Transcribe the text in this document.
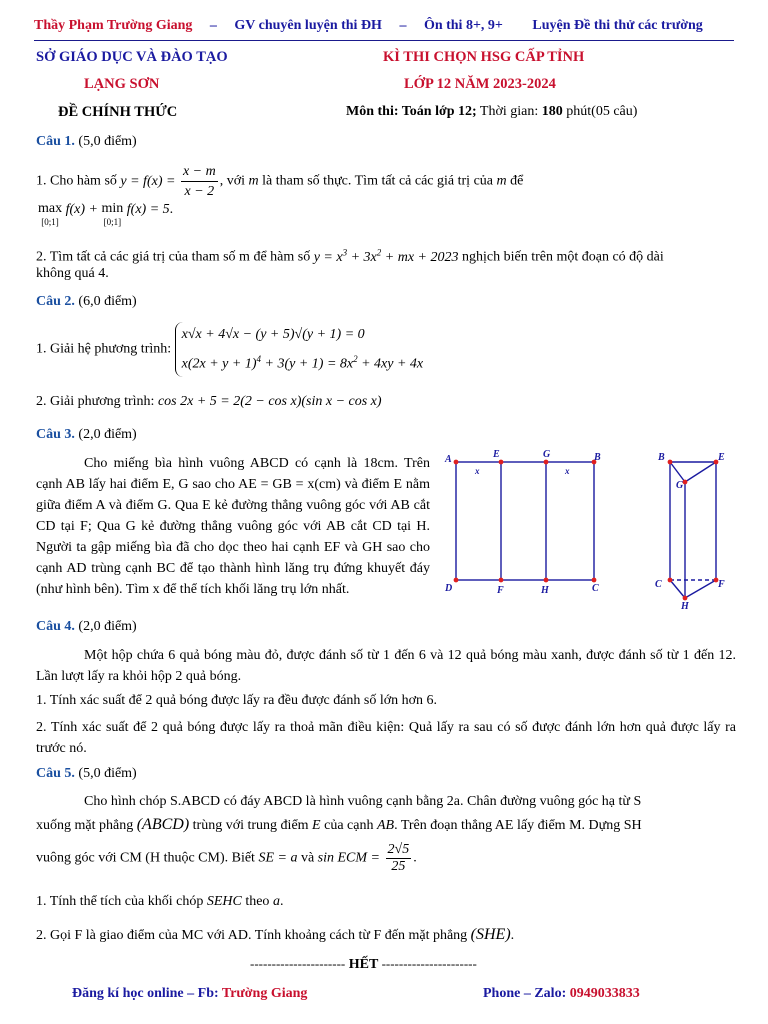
Thầy Phạm Trường Giang – GV chuyên luyện thi ĐH – Ôn thi 8+, 9+ Luyện Đề thi thử các trường
SỞ GIÁO DỤC VÀ ĐÀO TẠO
LẠNG SƠN
ĐỀ CHÍNH THỨC
KÌ THI CHỌN HSG CẤP TỈNH
LỚP 12 NĂM 2023-2024
Môn thi: Toán lớp 12; Thời gian: 180 phút(05 câu)
Câu 1. (5,0 điểm)
1. Cho hàm số $y = f(x) = \frac{x - m}{x - 2}$ , với m là tham số thực. Tìm tất cả các giá trị của m để
max
[0;1] f(x) + min
[0;1] f(x) = 5.
2. Tìm tất cả các giá trị của tham số m để hàm số $y = x^3 + 3x^2$ + mx + 2023 nghịch biến trên một đoạn có độ dài
không quá 4.
Câu 2. (6,0 điểm)
1. Giải hệ phương trình: x√x + 4√x − (y + 5)√(y + 1) = 0
$x(2x + y + 1)^4 + 3(y + 1) = 8x^2 + 4xy + 4x$
2. Giải phương trình: cos 2x + 5 = 2(2 − cos x)(sin x − cos x)
Câu 3. (2,0 điểm)
Cho miếng bìa hình vuông ABCD có cạnh là 18cm. Trên cạnh AB lấy hai điểm E, G sao cho AE = GB = x(cm) và điểm E nằm giữa điểm A và điểm G. Qua E kẻ đường thẳng vuông góc với AB cắt CD tại F; Qua G kẻ đường thẳng vuông góc với AB cắt CD tại H. Người ta gập miếng bìa đã cho dọc theo hai cạnh EF và GH sao cho cạnh AD trùng cạnh BC để tạo thành hình lăng trụ đứng khuyết đáy (như hình bên). Tìm x để thể tích khối lăng trụ lớn nhất.
A	E	G	B
D	F	H	C
x	x
B	E
G
C	F
H
Câu 4. (2,0 điểm)
Một hộp chứa 6 quả bóng màu đỏ, được đánh số từ 1 đến 6 và 12 quả bóng màu xanh, được đánh số từ 1 đến 12. Lần lượt lấy ra khỏi hộp 2 quả bóng.
1. Tính xác suất để 2 quả bóng được lấy ra đều được đánh số lớn hơn 6.
2. Tính xác suất để 2 quả bóng được lấy ra thoả mãn điều kiện: Quả lấy ra sau có số được đánh lớn hơn quả được lấy ra trước nó.
Câu 5. (5,0 điểm)
Cho hình chóp S.ABCD có đáy ABCD là hình vuông cạnh bằng 2a. Chân đường vuông góc hạ từ S
xuống mặt phẳng (ABCD) trùng với trung điểm E của cạnh AB. Trên đoạn thẳng AE lấy điểm M. Dựng SH
vuông góc với CM (H thuộc CM). Biết SE = a và sin ECM = $\frac{2√5}{25}$ .
1. Tính thể tích của khối chóp SEHC theo a.
2. Gọi F là giao điểm của MC với AD. Tính khoảng cách từ F đến mặt phẳng (SHE).
---------------------- HẾT ----------------------
Đăng kí học online – Fb: Trường Giang	Phone – Zalo: 0949033833
